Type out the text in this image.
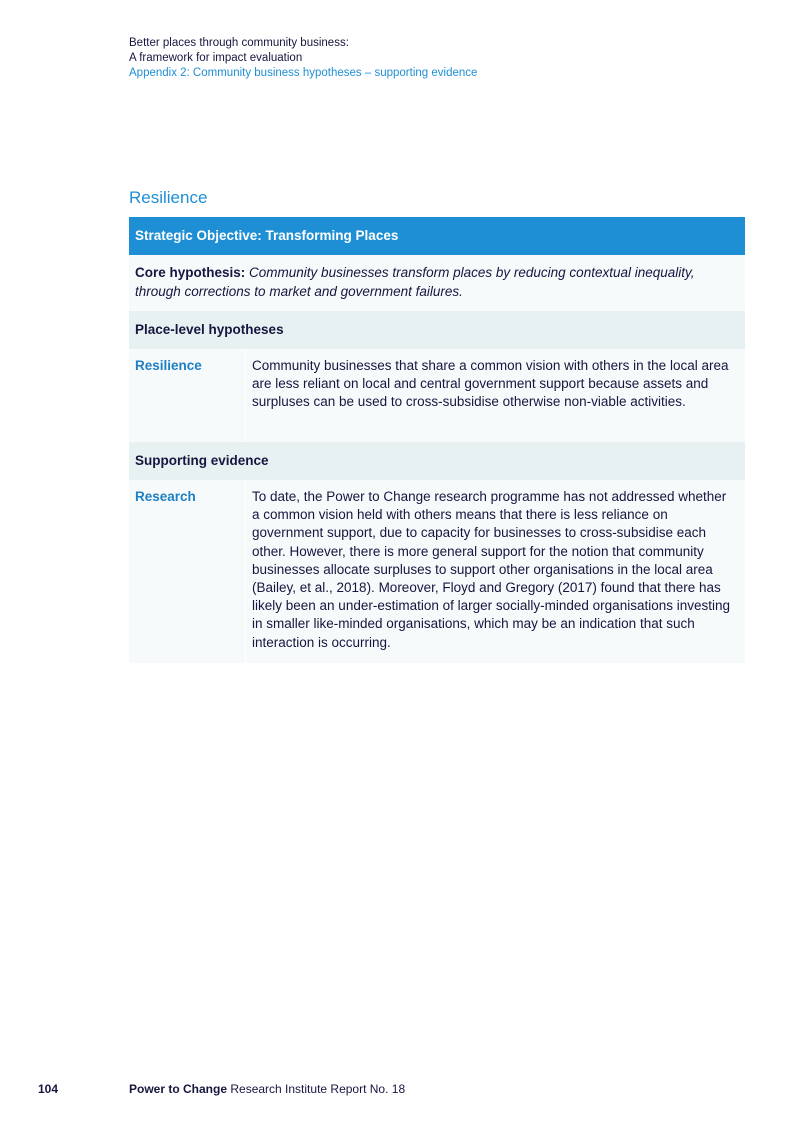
Better places through community business:
A framework for impact evaluation
Appendix 2: Community business hypotheses – supporting evidence
Resilience
Strategic Objective: Transforming Places
Core hypothesis: Community businesses transform places by reducing contextual inequality, through corrections to market and government failures.
Place-level hypotheses
Resilience	Community businesses that share a common vision with others in the local area are less reliant on local and central government support because assets and surpluses can be used to cross-subsidise otherwise non-viable activities.
Supporting evidence
Research	To date, the Power to Change research programme has not addressed whether a common vision held with others means that there is less reliance on government support, due to capacity for businesses to cross-subsidise each other. However, there is more general support for the notion that community businesses allocate surpluses to support other organisations in the local area (Bailey, et al., 2018). Moreover, Floyd and Gregory (2017) found that there has likely been an under-estimation of larger socially-minded organisations investing in smaller like-minded organisations, which may be an indication that such interaction is occurring.
104	Power to Change Research Institute Report No. 18
